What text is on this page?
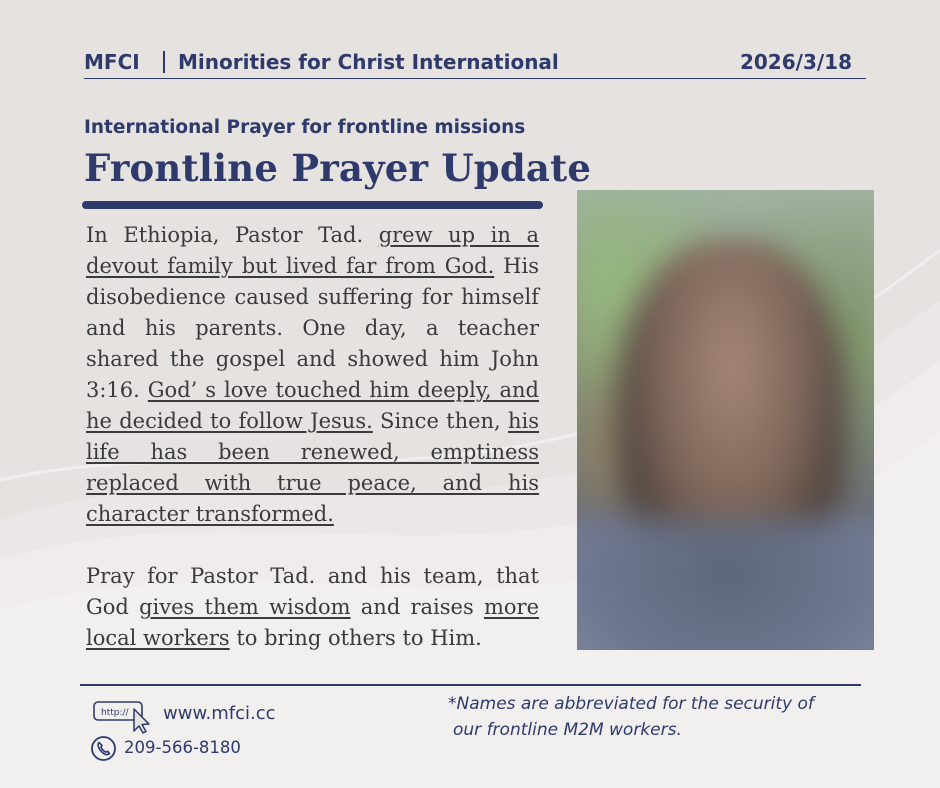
MFCI Minorities for Christ International	2026/3/18
International Prayer for frontline missions
Frontline Prayer Update

In Ethiopia, Pastor Tad. grew up in a devout family but lived far from God. His disobedience caused suffering for himself and his parents. One day, a teacher shared the gospel and showed him John 3:16. God’ s love touched him deeply, and he decided to follow Jesus. Since then, his life has been renewed, emptiness replaced with true peace, and his character transformed.

Pray for Pastor Tad. and his team, that God gives them wisdom and raises more local workers to bring others to Him.

http:// www.mfci.cc
209-566-8180
*Names are abbreviated for the security of
our frontline M2M workers.
